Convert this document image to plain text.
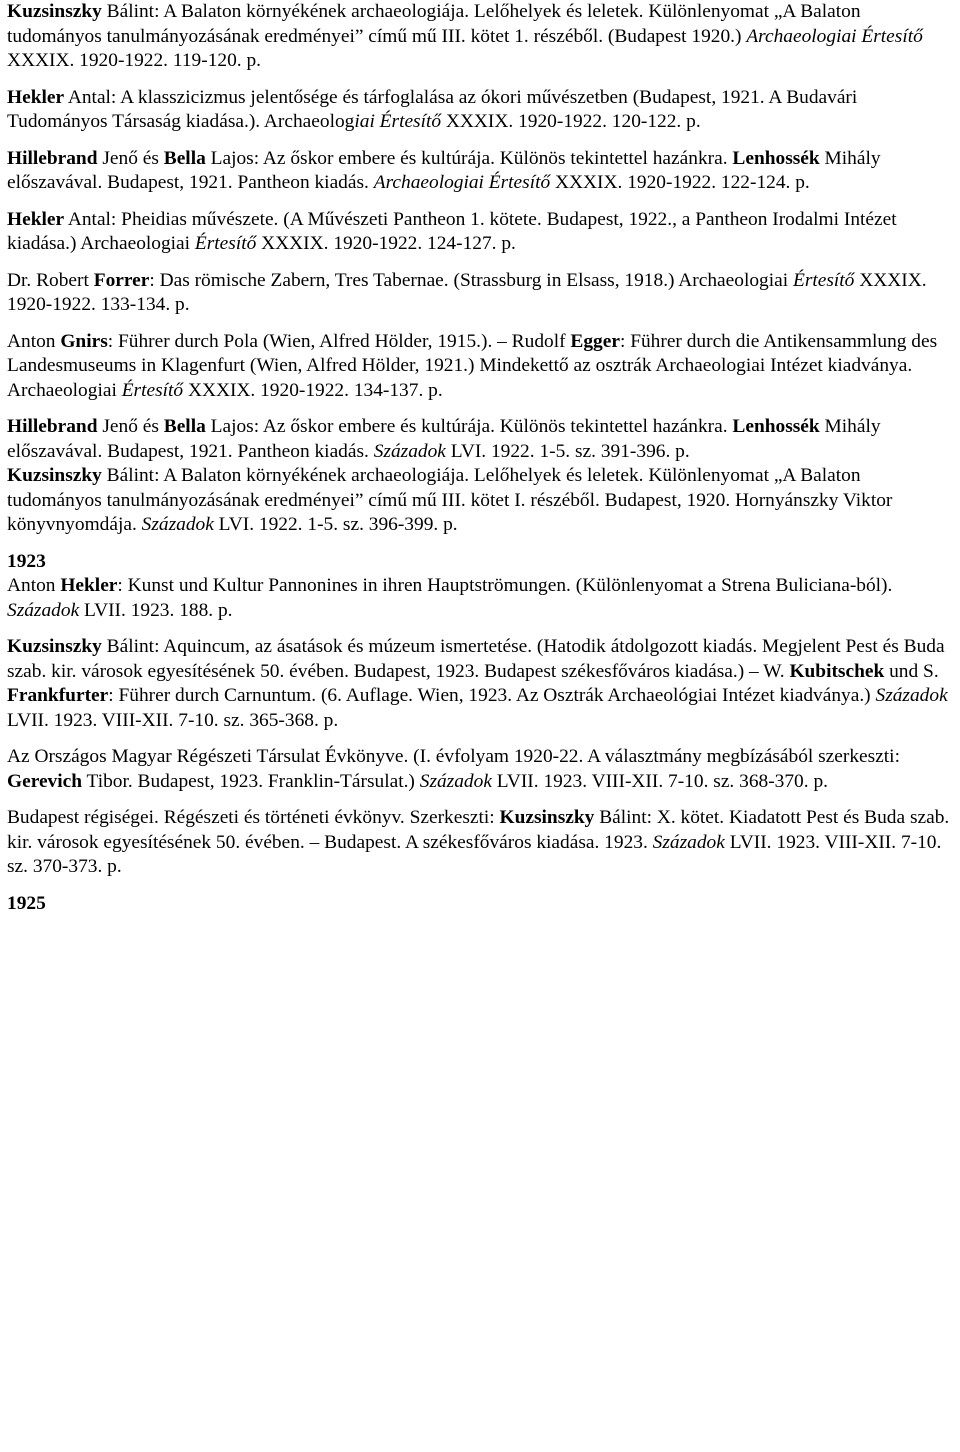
Kuzsinszky Bálint: A Balaton környékének archaeologiája. Lelőhelyek és leletek. Különlenyomat „A Balaton tudományos tanulmányozásának eredményei” című mű III. kötet 1. részéből. (Budapest 1920.) Archaeologiai Értesítő XXXIX. 1920-1922. 119-120. p.

Hekler Antal: A klasszicizmus jelentősége és tárfoglalása az ókori művészetben (Budapest, 1921. A Budavári Tudományos Társaság kiadása.). Archaeologiai Értesítő XXXIX. 1920-1922. 120-122. p.

Hillebrand Jenő és Bella Lajos: Az őskor embere és kultúrája. Különös tekintettel hazánkra. Lenhossék Mihály előszavával. Budapest, 1921. Pantheon kiadás. Archaeologiai Értesítő XXXIX. 1920-1922. 122-124. p.

Hekler Antal: Pheidias művészete. (A Művészeti Pantheon 1. kötete. Budapest, 1922., a Pantheon Irodalmi Intézet kiadása.) Archaeologiai Értesítő XXXIX. 1920-1922. 124-127. p.

Dr. Robert Forrer: Das römische Zabern, Tres Tabernae. (Strassburg in Elsass, 1918.) Archaeologiai Értesítő XXXIX. 1920-1922. 133-134. p.

Anton Gnirs: Führer durch Pola (Wien, Alfred Hölder, 1915.). – Rudolf Egger: Führer durch die Antikensammlung des Landesmuseums in Klagenfurt (Wien, Alfred Hölder, 1921.) Mindekettő az osztrák Archaeologiai Intézet kiadványa. Archaeologiai Értesítő XXXIX. 1920-1922. 134-137. p.

Hillebrand Jenő és Bella Lajos: Az őskor embere és kultúrája. Különös tekintettel hazánkra. Lenhossék Mihály előszavával. Budapest, 1921. Pantheon kiadás. Századok LVI. 1922. 1-5. sz. 391-396. p.

Kuzsinszky Bálint: A Balaton környékének archaeologiája. Lelőhelyek és leletek. Különlenyomat „A Balaton tudományos tanulmányozásának eredményei” című mű III. kötet I. részéből. Budapest, 1920. Hornyánszky Viktor könyvnyomdája. Századok LVI. 1922. 1-5. sz. 396-399. p.

1923

Anton Hekler: Kunst und Kultur Pannonines in ihren Hauptströmungen. (Különlenyomat a Strena Buliciana-ból). Századok LVII. 1923. 188. p.

Kuzsinszky Bálint: Aquincum, az ásatások és múzeum ismertetése. (Hatodik átdolgozott kiadás. Megjelent Pest és Buda szab. kir. városok egyesítésének 50. évében. Budapest, 1923. Budapest székesfőváros kiadása.) – W. Kubitschek und S. Frankfurter: Führer durch Carnuntum. (6. Auflage. Wien, 1923. Az Osztrák Archaeológiai Intézet kiadványa.) Századok LVII. 1923. VIII-XII. 7-10. sz. 365-368. p.

Az Országos Magyar Régészeti Társulat Évkönyve. (I. évfolyam 1920-22. A választmány megbízásából szerkeszti: Gerevich Tibor. Budapest, 1923. Franklin-Társulat.) Századok LVII. 1923. VIII-XII. 7-10. sz. 368-370. p.

Budapest régiségei. Régészeti és történeti évkönyv. Szerkeszti: Kuzsinszky Bálint: X. kötet. Kiadatott Pest és Buda szab. kir. városok egyesítésének 50. évében. – Budapest. A székesfőváros kiadása. 1923. Századok LVII. 1923. VIII-XII. 7-10. sz. 370-373. p.

1925
